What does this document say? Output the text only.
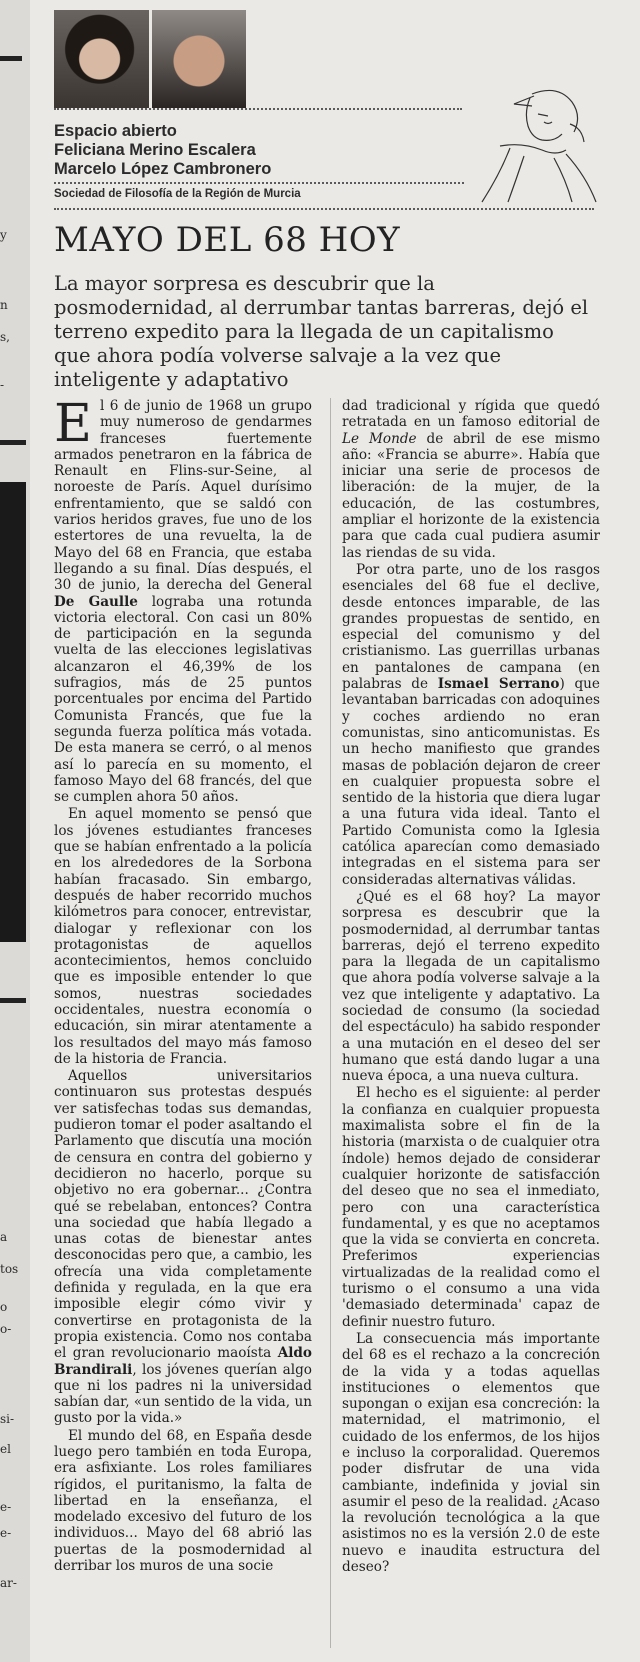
y
n
s,
-
a
tos
o
o-
si-
el
e-
e-
ar-
Espacio abierto
Feliciana Merino Escalera
Marcelo López Cambronero
Sociedad de Filosofía de la Región de Murcia
MAYO DEL 68 HOY
La mayor sorpresa es descubrir que la posmodernidad, al derrumbar tantas barreras, dejó el terreno expedito para la llegada de un capitalismo que ahora podía volverse salvaje a la vez que inteligente y adaptativo

El 6 de junio de 1968 un grupo muy numeroso de gendarmes franceses fuertemente armados penetraron en la fábrica de Renault en Flins-sur-Seine, al noroeste de París. Aquel durísimo enfrentamiento, que se saldó con varios heridos graves, fue uno de los estertores de una revuelta, la de Mayo del 68 en Francia, que estaba llegando a su final. Días después, el 30 de junio, la derecha del General De Gaulle lograba una rotunda victoria electoral. Con casi un 80% de participación en la segunda vuelta de las elecciones legislativas alcanzaron el 46,39% de los sufragios, más de 25 puntos porcentuales por encima del Partido Comunista Francés, que fue la segunda fuerza política más votada. De esta manera se cerró, o al menos así lo parecía en su momento, el famoso Mayo del 68 francés, del que se cumplen ahora 50 años.

En aquel momento se pensó que los jóvenes estudiantes franceses que se habían enfrentado a la policía en los alrededores de la Sorbona habían fracasado. Sin embargo, después de haber recorrido muchos kilómetros para conocer, entrevistar, dialogar y reflexionar con los protagonistas de aquellos acontecimientos, hemos concluido que es imposible entender lo que somos, nuestras sociedades occidentales, nuestra economía o educación, sin mirar atentamente a los resultados del mayo más famoso de la historia de Francia.

Aquellos universitarios continuaron sus protestas después ver satisfechas todas sus demandas, pudieron tomar el poder asaltando el Parlamento que discutía una moción de censura en contra del gobierno y decidieron no hacerlo, porque su objetivo no era gobernar... ¿Contra qué se rebelaban, entonces? Contra una sociedad que había llegado a unas cotas de bienestar antes desconocidas pero que, a cambio, les ofrecía una vida completamente definida y regulada, en la que era imposible elegir cómo vivir y convertirse en protagonista de la propia existencia. Como nos contaba el gran revolucionario maoísta Aldo Brandirali, los jóvenes querían algo que ni los padres ni la universidad sabían dar, «un sentido de la vida, un gusto por la vida.»

El mundo del 68, en España desde luego pero también en toda Europa, era asfixiante. Los roles familiares rígidos, el puritanismo, la falta de libertad en la enseñanza, el modelado excesivo del futuro de los individuos... Mayo del 68 abrió las puertas de la posmodernidad al derribar los muros de una socie

dad tradicional y rígida que quedó retratada en un famoso editorial de Le Monde de abril de ese mismo año: «Francia se aburre». Había que iniciar una serie de procesos de liberación: de la mujer, de la educación, de las costumbres, ampliar el horizonte de la existencia para que cada cual pudiera asumir las riendas de su vida.

Por otra parte, uno de los rasgos esenciales del 68 fue el declive, desde entonces imparable, de las grandes propuestas de sentido, en especial del comunismo y del cristianismo. Las guerrillas urbanas en pantalones de campana (en palabras de Ismael Serrano) que levantaban barricadas con adoquines y coches ardiendo no eran comunistas, sino anticomunistas. Es un hecho manifiesto que grandes masas de población dejaron de creer en cualquier propuesta sobre el sentido de la historia que diera lugar a una futura vida ideal. Tanto el Partido Comunista como la Iglesia católica aparecían como demasiado integradas en el sistema para ser consideradas alternativas válidas.

¿Qué es el 68 hoy? La mayor sorpresa es descubrir que la posmodernidad, al derrumbar tantas barreras, dejó el terreno expedito para la llegada de un capitalismo que ahora podía volverse salvaje a la vez que inteligente y adaptativo. La sociedad de consumo (la sociedad del espectáculo) ha sabido responder a una mutación en el deseo del ser humano que está dando lugar a una nueva época, a una nueva cultura.

El hecho es el siguiente: al perder la confianza en cualquier propuesta maximalista sobre el fin de la historia (marxista o de cualquier otra índole) hemos dejado de considerar cualquier horizonte de satisfacción del deseo que no sea el inmediato, pero con una característica fundamental, y es que no aceptamos que la vida se convierta en concreta. Preferimos experiencias virtualizadas de la realidad como el turismo o el consumo a una vida 'demasiado determinada' capaz de definir nuestro futuro.

La consecuencia más importante del 68 es el rechazo a la concreción de la vida y a todas aquellas instituciones o elementos que supongan o exijan esa concreción: la maternidad, el matrimonio, el cuidado de los enfermos, de los hijos e incluso la corporalidad. Queremos poder disfrutar de una vida cambiante, indefinida y jovial sin asumir el peso de la realidad. ¿Acaso la revolución tecnológica a la que asistimos no es la versión 2.0 de este nuevo e inaudita estructura del deseo?
